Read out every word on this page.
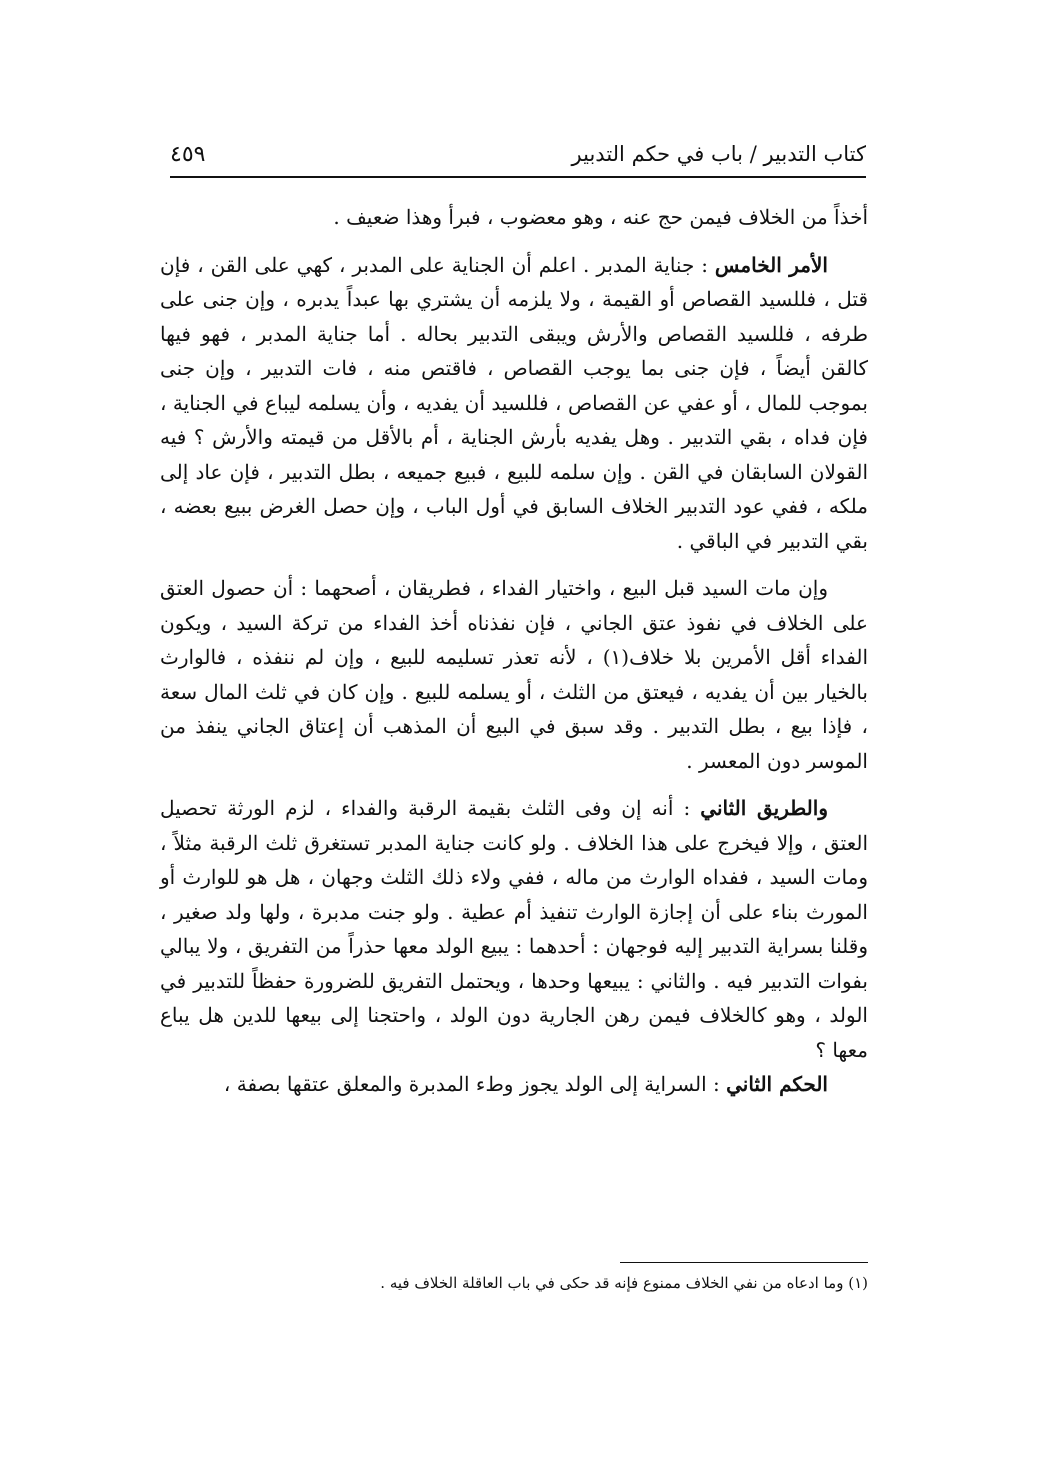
كتاب التدبير / باب في حكم التدبير
٤٥٩

أخذاً من الخلاف فيمن حج عنه ، وهو معضوب ، فبرأ وهذا ضعيف .

الأمر الخامس : جناية المدبر . اعلم أن الجناية على المدبر ، كهي على القن ، فإن قتل ، فللسيد القصاص أو القيمة ، ولا يلزمه أن يشتري بها عبداً يدبره ، وإن جنى على طرفه ، فللسيد القصاص والأرش ويبقى التدبير بحاله . أما جناية المدبر ، فهو فيها كالقن أيضاً ، فإن جنى بما يوجب القصاص ، فاقتص منه ، فات التدبير ، وإن جنى بموجب للمال ، أو عفي عن القصاص ، فللسيد أن يفديه ، وأن يسلمه ليباع في الجناية ، فإن فداه ، بقي التدبير . وهل يفديه بأرش الجناية ، أم بالأقل من قيمته والأرش ؟ فيه القولان السابقان في القن . وإن سلمه للبيع ، فبيع جميعه ، بطل التدبير ، فإن عاد إلى ملكه ، ففي عود التدبير الخلاف السابق في أول الباب ، وإن حصل الغرض ببيع بعضه ، بقي التدبير في الباقي .

وإن مات السيد قبل البيع ، واختيار الفداء ، فطريقان ، أصحهما : أن حصول العتق على الخلاف في نفوذ عتق الجاني ، فإن نفذناه أخذ الفداء من تركة السيد ، ويكون الفداء أقل الأمرين بلا خلاف(١) ، لأنه تعذر تسليمه للبيع ، وإن لم ننفذه ، فالوارث بالخيار بين أن يفديه ، فيعتق من الثلث ، أو يسلمه للبيع . وإن كان في ثلث المال سعة ، فإذا بيع ، بطل التدبير . وقد سبق في البيع أن المذهب أن إعتاق الجاني ينفذ من الموسر دون المعسر .

والطريق الثاني : أنه إن وفى الثلث بقيمة الرقبة والفداء ، لزم الورثة تحصيل العتق ، وإلا فيخرج على هذا الخلاف . ولو كانت جناية المدبر تستغرق ثلث الرقبة مثلاً ، ومات السيد ، ففداه الوارث من ماله ، ففي ولاء ذلك الثلث وجهان ، هل هو للوارث أو المورث بناء على أن إجازة الوارث تنفيذ أم عطية . ولو جنت مدبرة ، ولها ولد صغير ، وقلنا بسراية التدبير إليه فوجهان : أحدهما : يبيع الولد معها حذراً من التفريق ، ولا يبالي بفوات التدبير فيه . والثاني : يبيعها وحدها ، ويحتمل التفريق للضرورة حفظاً للتدبير في الولد ، وهو كالخلاف فيمن رهن الجارية دون الولد ، واحتجنا إلى بيعها للدين هل يباع معها ؟

الحكم الثاني : السراية إلى الولد يجوز وطء المدبرة والمعلق عتقها بصفة ،

(١) وما ادعاه من نفي الخلاف ممنوع فإنه قد حكى في باب العاقلة الخلاف فيه .
